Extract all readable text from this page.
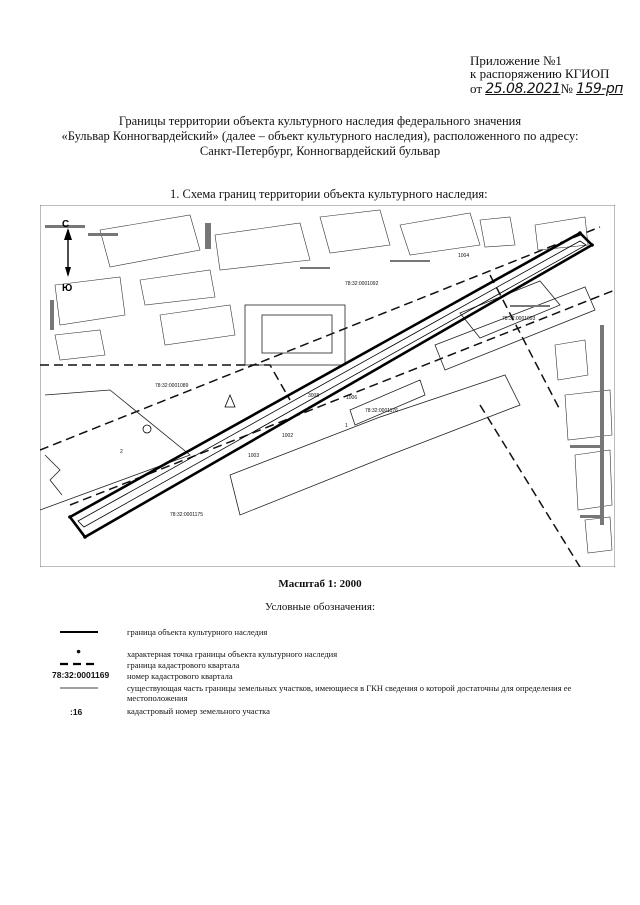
Приложение №1
к распоряжению КГИОП
от 25.08.2021№ 159-рп
Границы территории объекта культурного наследия федерального значения
«Бульвар Конногвардейский» (далее – объект культурного наследия), расположенного по адресу:
Санкт-Петербург, Конногвардейский бульвар
1. Схема границ территории объекта культурного наследия:
С
Ю
78:32:0001089
78:32:0001176
78:32:0001175
78:32:0001092
78:32:0001093
3008	1006
1002
1003
1004
2
1
Масштаб 1: 2000
Условные обозначения:
граница объекта культурного наследия
●	характерная точка границы объекта культурного наследия
граница кадастрового квартала
78:32:0001169 номер кадастрового квартала
существующая часть границы земельных участков, имеющиеся в ГКН сведения о которой достаточны для определения ее местоположения
:16	кадастровый номер земельного участка
